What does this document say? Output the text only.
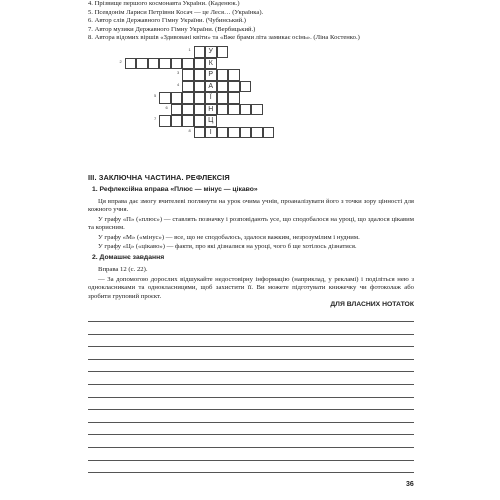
4. Прізвище першого космонавта України. (Каденюк.)
5. Псевдонім Лариси Петрівни Косач — це Леся… (Українка).
6. Автор слів Державного Гімну України. (Чубинський.)
7. Автор музики Державного Гімну України. (Вербицький.)
8. Автора відомих віршів «Здивовані квіти» та «Вже брами літа замикає осінь». (Ліна Костенко.)
1	У
2	К
3	Р
4	А
5	Ї
6	Н
7	Ц
8	І
ІІІ. ЗАКЛЮЧНА ЧАСТИНА. РЕФЛЕКСІЯ
1. Рефлексійна вправа «Плюс — мінус — цікаво»
Ця вправа дає змогу вчителеві поглянути на урок очима учнів, проаналізувати його з точки зору цінності для кожного учня.
У графу «П» («плюс») — ставлять позначку і розповідають усе, що сподобалося на уроці, що здалося цікавим та корисним.
У графу «М» («мінус») — все, що не сподобалось, здалося важким, незрозумілим і нудним.
У графу «Ц» («цікаво») — факти, про які дізналися на уроці, чого б ще хотілось дізнатися.
2. Домашнє завдання
Вправа 12 (с. 22).
— За допомогою дорослих відшукайте недостовірну інформацію (наприклад, у рекламі) і поділіться нею з однокласниками та однокласницями, щоб захистити її. Ви можете підготувати книжечку чи фотоколаж або зробити груповий проєкт.
ДЛЯ ВЛАСНИХ НОТАТОК
36
